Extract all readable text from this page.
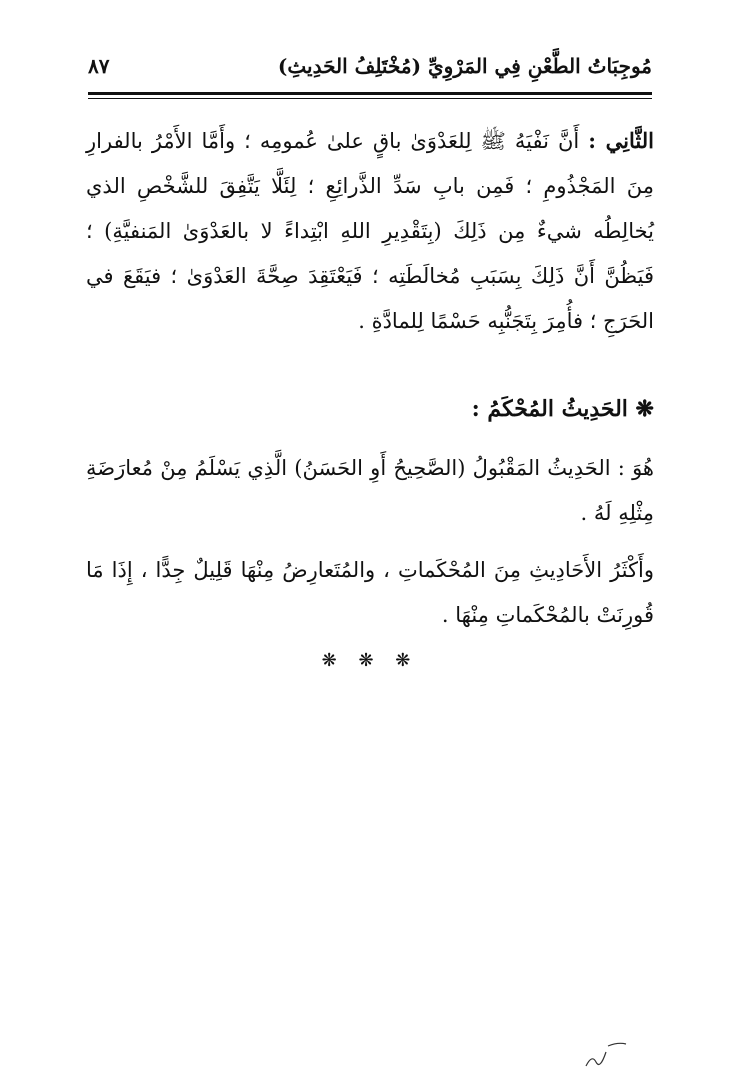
مُوجِبَاتُ الطَّعْنِ فِي المَرْوِيِّ (مُخْتَلِفُ الحَدِيثِ)
٨٧
الثَّانِي : أَنَّ نَفْيَهُ ﷺ لِلعَدْوَىٰ باقٍ علىٰ عُمومِه ؛ وأَمَّا الأَمْرُ بالفرارِ مِنَ المَجْذُومِ ؛ فَمِن بابِ سَدِّ الذَّرائِعِ ؛ لِئَلَّا يَتَّفِقَ للشَّخْصِ الذي يُخالِطُه شيءٌ مِن ذَلِكَ (بِتَقْدِيرِ اللهِ ابْتِداءً لا بالعَدْوَىٰ المَنفيَّةِ) ؛ فَيَظُنَّ أَنَّ ذَلِكَ بِسَبَبِ مُخالَطَتِه ؛ فَيَعْتَقِدَ صِحَّةَ العَدْوَىٰ ؛ فيَقَعَ في الحَرَجِ ؛ فأُمِرَ بِتَجَنُّبِه حَسْمًا لِلمادَّةِ .
❋ الحَدِيثُ المُحْكَمُ :
هُوَ : الحَدِيثُ المَقْبُولُ (الصَّحِيحُ أَوِ الحَسَنُ) الَّذِي يَسْلَمُ مِنْ مُعارَضَةِ مِثْلِهِ لَهُ .
وأَكْثَرُ الأَحَادِيثِ مِنَ المُحْكَماتِ ، والمُتَعارِضُ مِنْهَا قَلِيلٌ جِدًّا ، إِذَا مَا قُورِنَتْ بالمُحْكَماتِ مِنْهَا .
❋ ❋ ❋
